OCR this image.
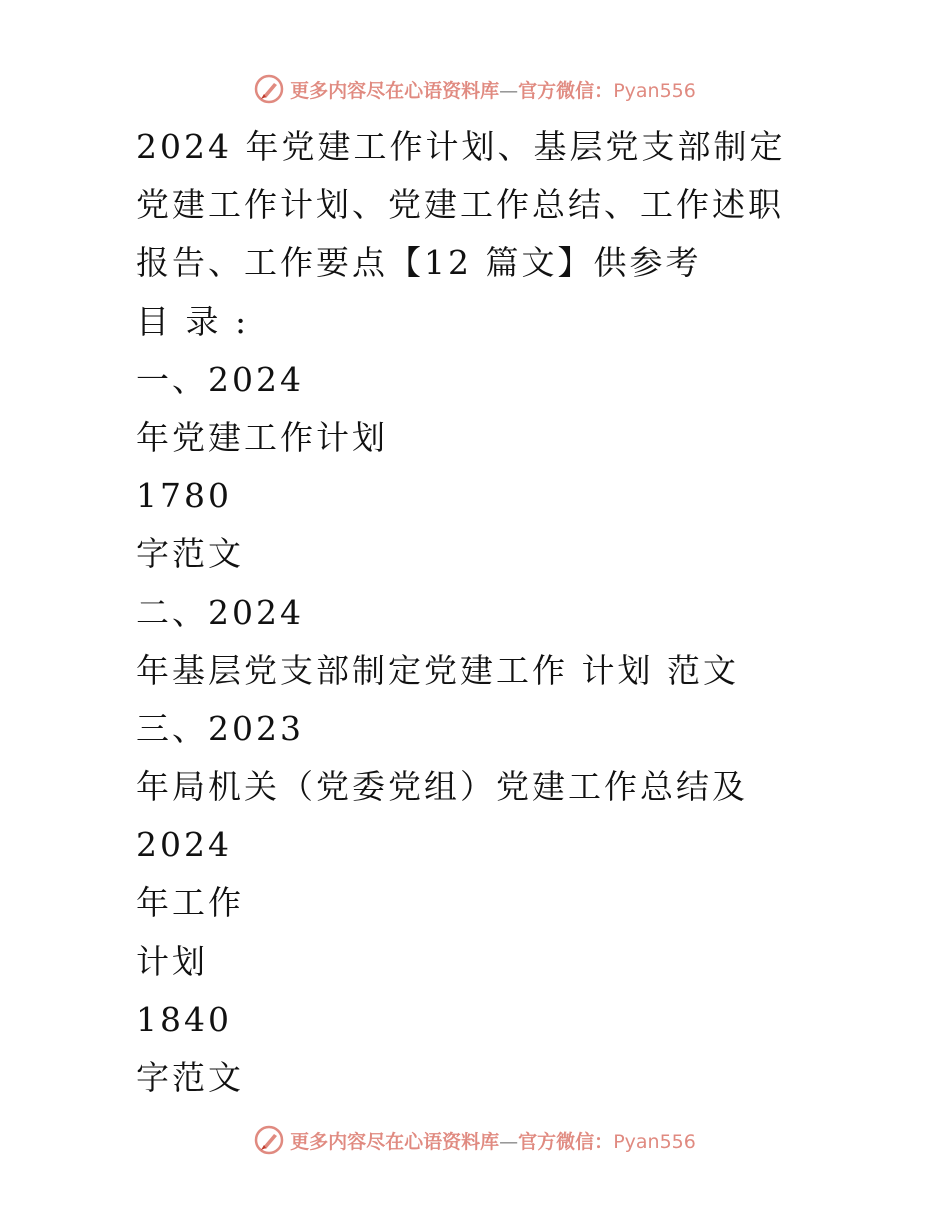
更多内容尽在心语资料库—官方微信：Pyan556
2024 年党建工作计划、基层党支部制定
党建工作计划、党建工作总结、工作述职
报告、工作要点【12 篇文】供参考
目 录 :
一、2024
年党建工作计划
1780
字范文
二、2024
年基层党支部制定党建工作 计划 范文
三、2023
年局机关（党委党组）党建工作总结及
2024
年工作
计划
1840
字范文
更多内容尽在心语资料库—官方微信：Pyan556
